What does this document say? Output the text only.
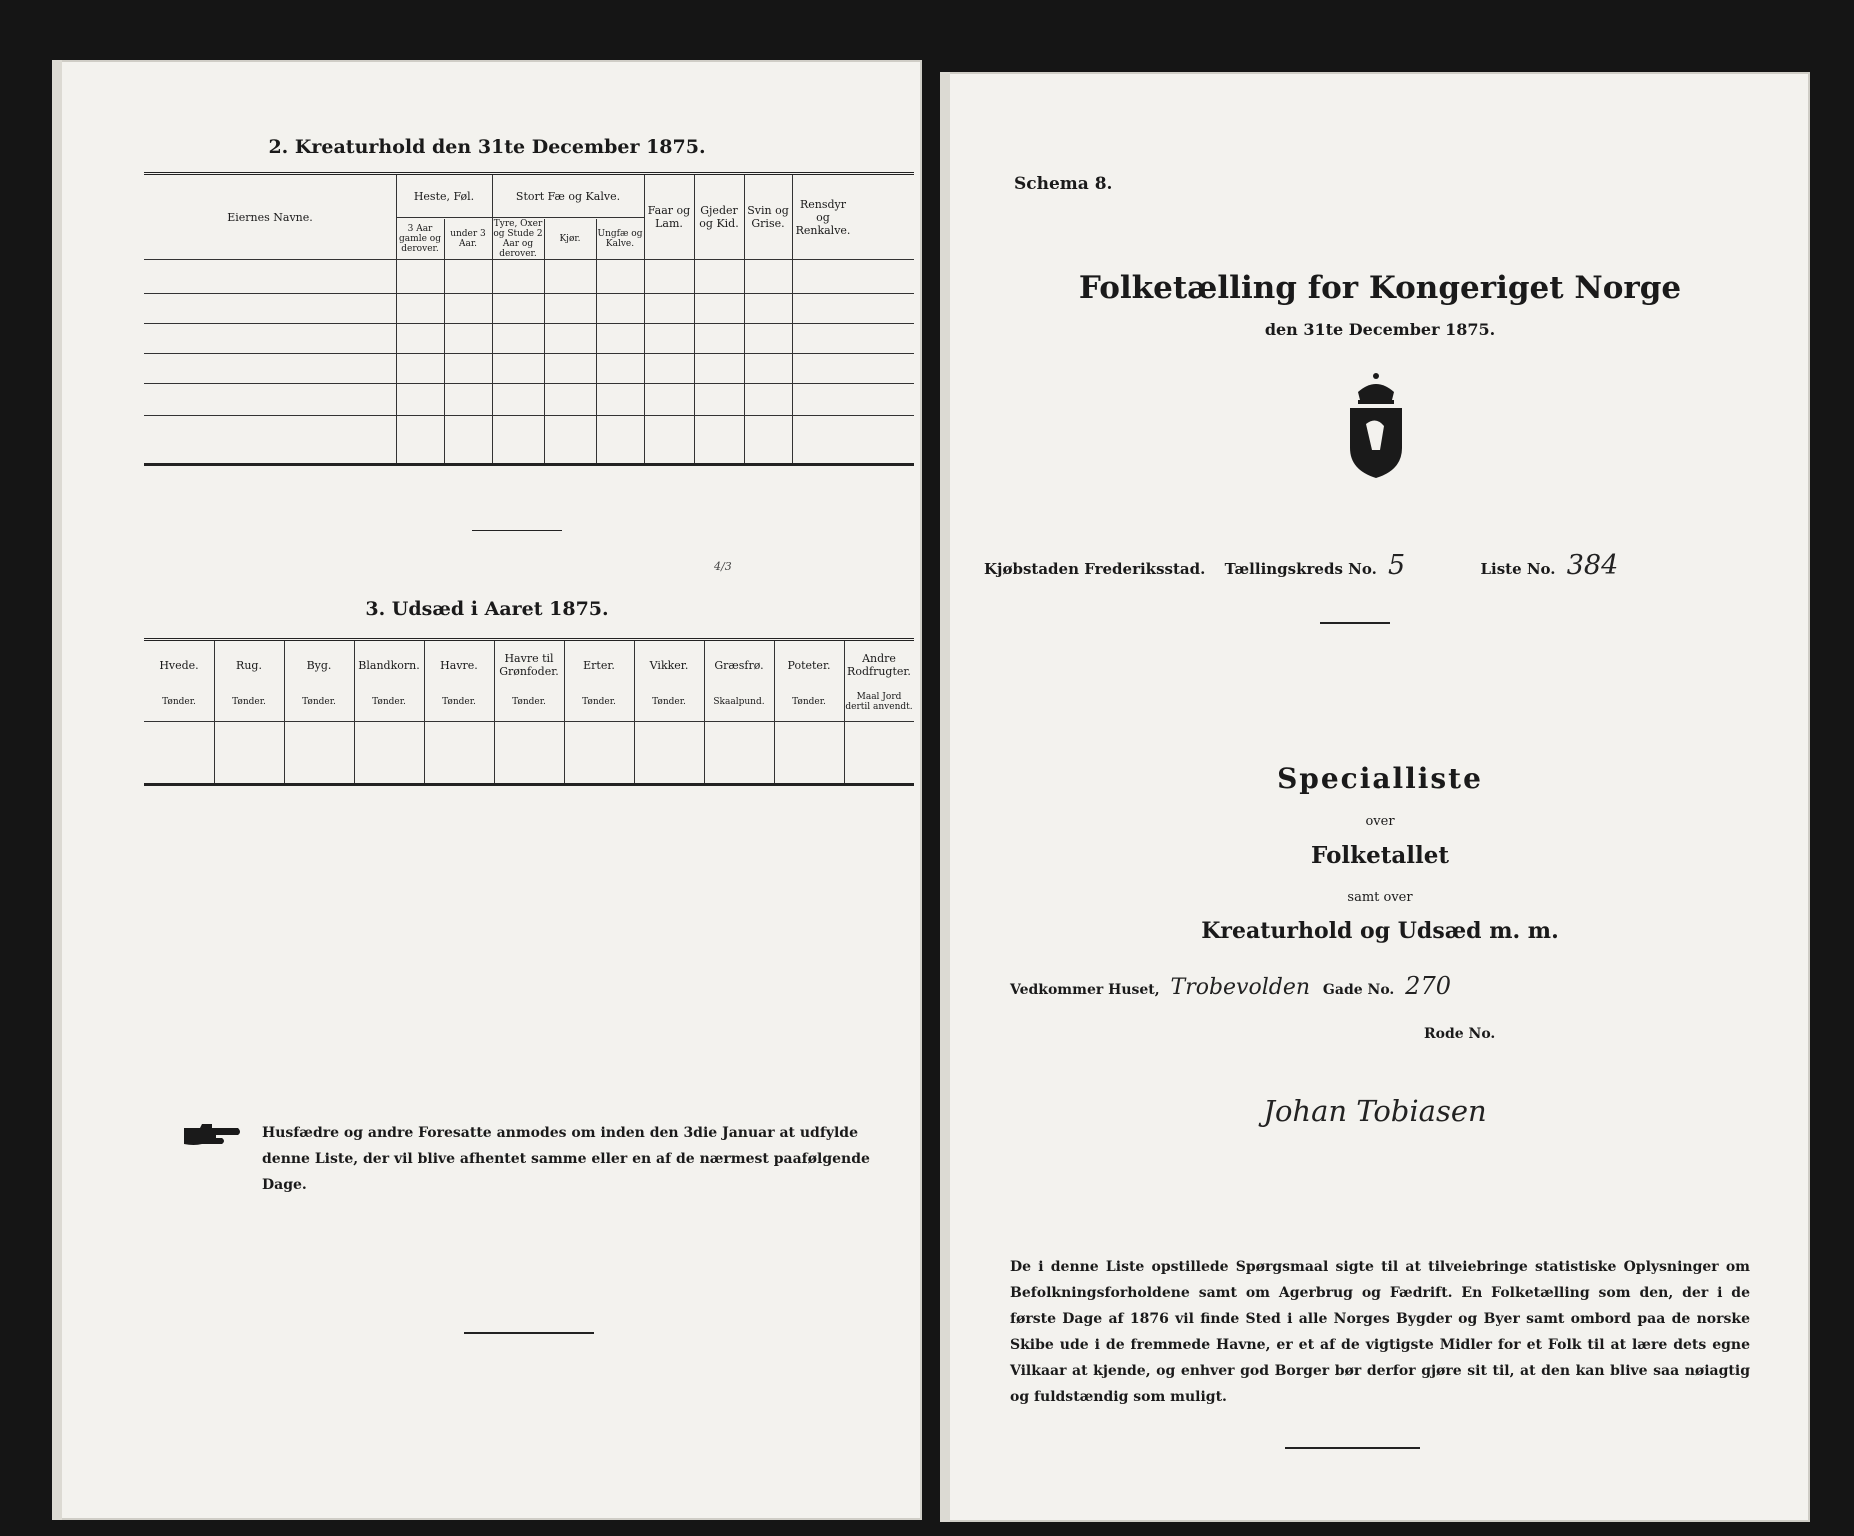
2. Kreaturhold den 31te December 1875.
Eiernes Navne.
Heste, Føl.
3 Aar gamle og derover.
under 3 Aar.
Stort Fæ og Kalve.
Tyre, Oxer og Stude 2 Aar og derover.
Kjør.	Ungfæ og Kalve.
Faar og Lam.
Gjeder og Kid.
Svin og Grise.
Rensdyr og Renkalve.
4/3
3. Udsæd i Aaret 1875.
Hvede.
Tønder.
Rug.
Tønder.
Byg.
Tønder.
Blandkorn.
Tønder.
Havre.
Tønder.
Havre til Grønfoder.
Tønder.
Erter.
Tønder.
Vikker.
Tønder.
Græsfrø.
Skaalpund.
Poteter.
Tønder.
Andre Rodfrugter.
Maal Jord dertil anvendt.
Husfædre og andre Foresatte anmodes om inden den 3die Januar at udfylde denne Liste, der vil blive afhentet samme eller en af de nærmest paafølgende Dage.
Schema 8.
Folketælling for Kongeriget Norge
den 31te December 1875.
Kjøbstaden Frederiksstad. Tællingskreds No. 5	Liste No. 384
Specialliste
over
Folketallet
samt over
Kreaturhold og Udsæd m. m.
Vedkommer Huset, Trobevolden Gade No. 270
Rode No.
Johan Tobiasen
De i denne Liste opstillede Spørgsmaal sigte til at tilveiebringe statistiske Oplysninger om Befolkningsforholdene samt om Agerbrug og Fædrift. En Folketælling som den, der i de første Dage af 1876 vil finde Sted i alle Norges Bygder og Byer samt ombord paa de norske Skibe ude i de fremmede Havne, er et af de vigtigste Midler for et Folk til at lære dets egne Vilkaar at kjende, og enhver god Borger bør derfor gjøre sit til, at den kan blive saa nøiagtig og fuldstændig som muligt.
